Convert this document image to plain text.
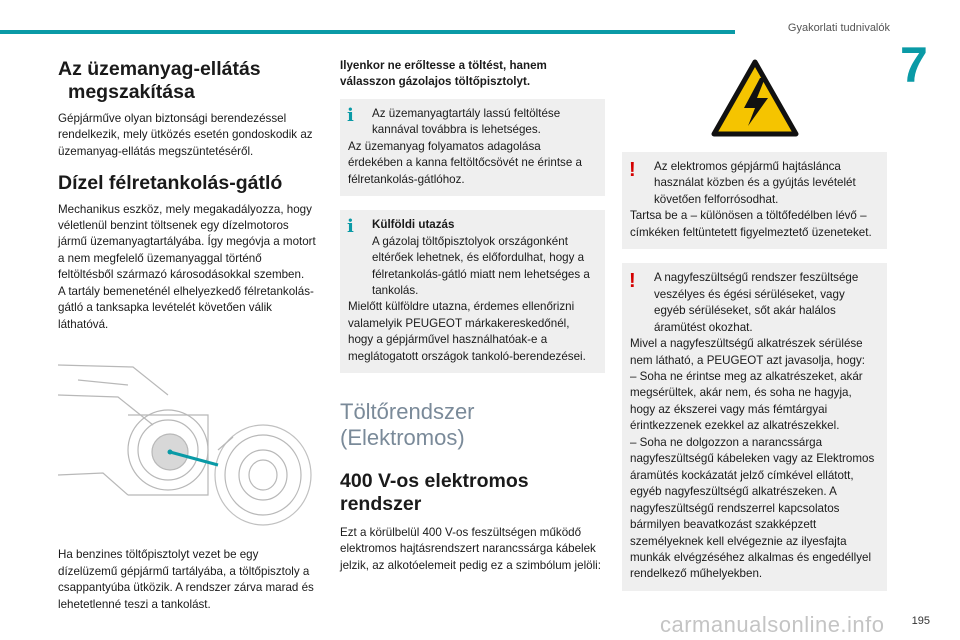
Gyakorlati tudnivalók
7
Az üzemanyag-ellátás
megszakítása

Gépjárműve olyan biztonsági berendezéssel rendelkezik, mely ütközés esetén gondoskodik az üzemanyag-ellátás megszüntetéséről.

Dízel félretankolás-gátló

Mechanikus eszköz, mely megakadályozza, hogy véletlenül benzint töltsenek egy dízelmotoros jármű üzemanyagtartályába. Így megóvja a motort a nem megfelelő üzemanyaggal történő feltöltésből származó károsodásokkal szemben.

A tartály bemeneténél elhelyezkedő félretankolás-gátló a tanksapka levételét követően válik láthatóvá.

Ha benzines töltőpisztolyt vezet be egy dízelüzemű gépjármű tartályába, a töltőpisztoly a csappantyúba ütközik. A rendszer zárva marad és lehetetlenné teszi a tankolást.

Ilyenkor ne erőltesse a töltést, hanem válasszon gázolajos töltőpisztolyt.

i	Az üzemanyagtartály lassú feltöltése kannával továbbra is lehetséges.

Az üzemanyag folyamatos adagolása érdekében a kanna feltöltőcsövét ne érintse a félretankolás-gátlóhoz.

i	Külföldi utazás

A gázolaj töltőpisztolyok országonként eltérőek lehetnek, és előfordulhat, hogy a félretankolás-gátló miatt nem lehetséges a tankolás.

Mielőtt külföldre utazna, érdemes ellenőrizni valamelyik PEUGEOT márkakereskedőnél, hogy a gépjárművel használhatóak-e a meglátogatott országok tankoló-berendezései.

Töltőrendszer
(Elektromos)
400 V-os elektromos
rendszer

Ezt a körülbelül 400 V-os feszültségen működő elektromos hajtásrendszert narancssárga kábelek jelzik, az alkotóelemeit pedig ez a szimbólum jelöli:

!	Az elektromos gépjármű hajtáslánca használat közben és a gyújtás levételét követően felforrósodhat.

Tartsa be a – különösen a töltőfedélben lévő – címkéken feltüntetett figyelmeztető üzeneteket.

!	A nagyfeszültségű rendszer feszültsége veszélyes és égési sérüléseket, vagy egyéb sérüléseket, sőt akár halálos áramütést okozhat.

Mivel a nagyfeszültségű alkatrészek sérülése nem látható, a PEUGEOT azt javasolja, hogy:

– Soha ne érintse meg az alkatrészeket, akár megsérültek, akár nem, és soha ne hagyja, hogy az ékszerei vagy más fémtárgyai érintkezzenek ezekkel az alkatrészekkel.

– Soha ne dolgozzon a narancssárga nagyfeszültségű kábeleken vagy az Elektromos áramütés kockázatát jelző címkével ellátott, egyéb nagyfeszültségű alkatrészeken. A nagyfeszültségű rendszerrel kapcsolatos bármilyen beavatkozást szakképzett személyeknek kell elvégeznie az ilyesfajta munkák elvégzéséhez alkalmas és engedéllyel rendelkező műhelyekben.

carmanualsonline.info 195
